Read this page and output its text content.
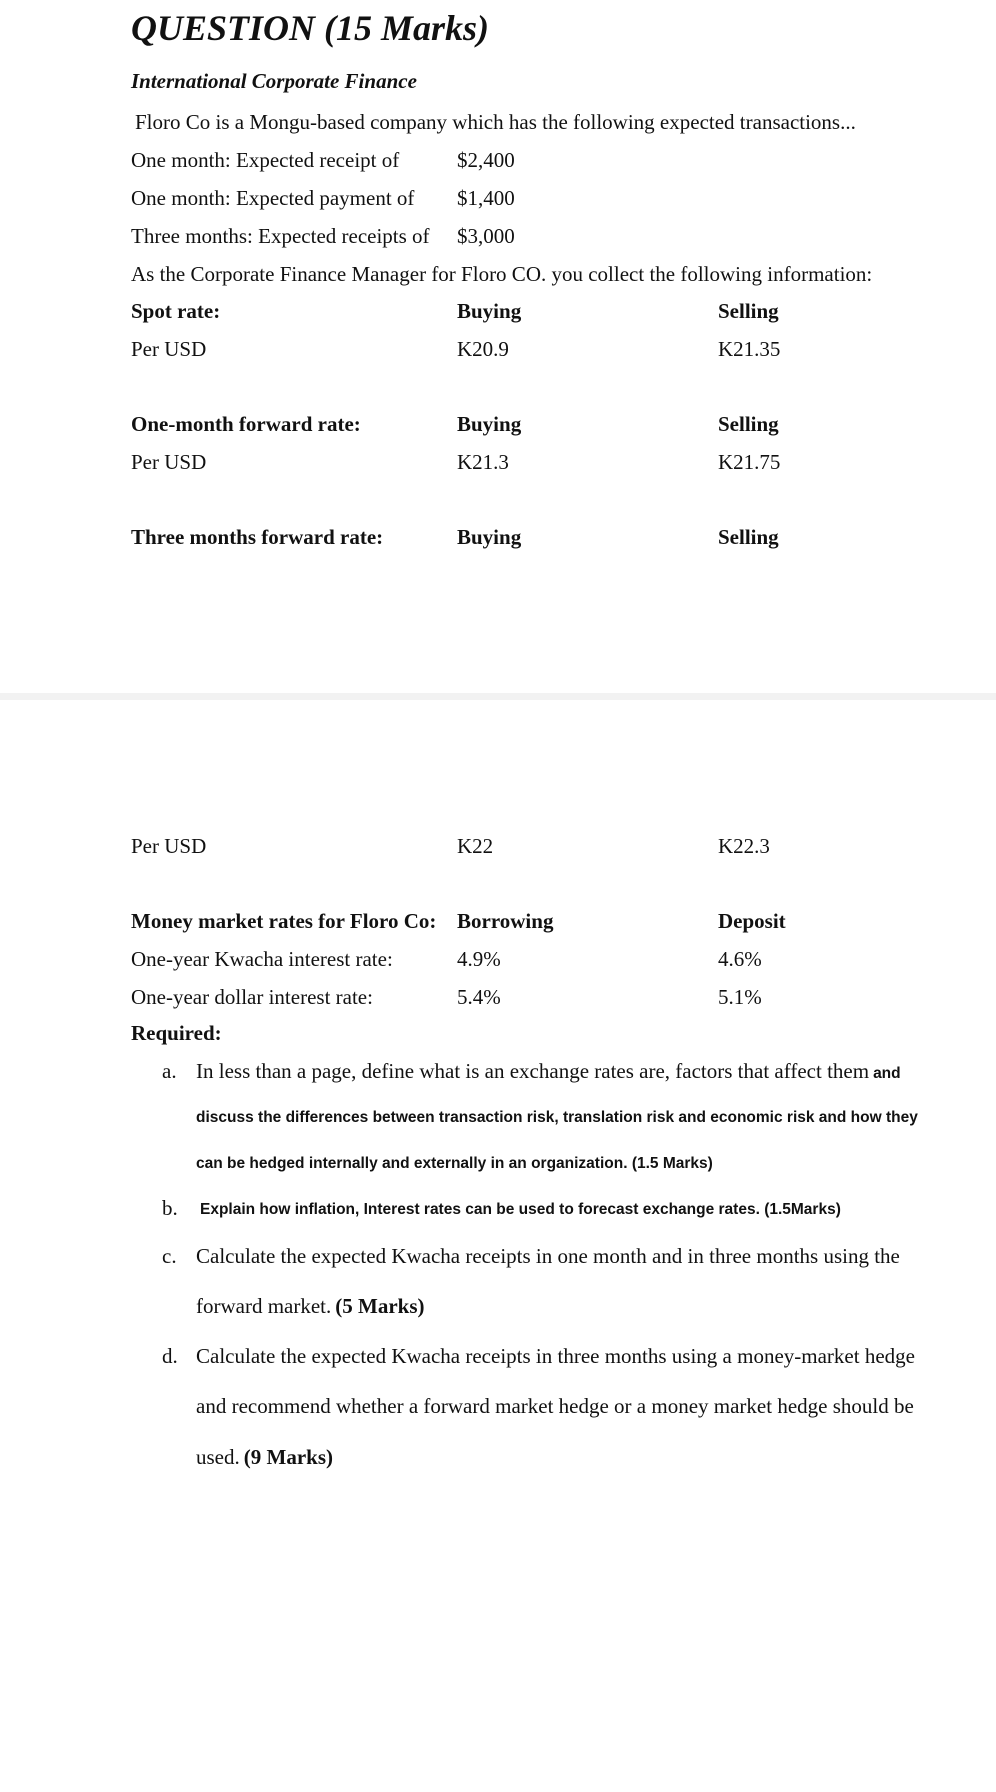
QUESTION (15 Marks)
International Corporate Finance
Floro Co is a Mongu-based company which has the following expected transactions...
One month: Expected receipt of	$2,400
One month: Expected payment of $1,400
Three months: Expected receipts of $3,000
As the Corporate Finance Manager for Floro CO. you collect the following information:
Spot rate:	Buying	Selling
Per USD	K20.9	K21.35
One-month forward rate:	Buying	Selling
Per USD	K21.3	K21.75
Three months forward rate:	Buying	Selling
Per USD	K22	K22.3
Money market rates for Floro Co: Borrowing	Deposit
One-year Kwacha interest rate:	4.9%	4.6%
One-year dollar interest rate:	5.4%	5.1%
Required:
a. In less than a page, define what is an exchange rates are, factors that affect them and
discuss the differences between transaction risk, translation risk and economic risk and how they
can be hedged internally and externally in an organization. (1.5 Marks)
b. Explain how inflation, Interest rates can be used to forecast exchange rates. (1.5Marks)
c. Calculate the expected Kwacha receipts in one month and in three months using the
forward market. (5 Marks)
d. Calculate the expected Kwacha receipts in three months using a money-market hedge
and recommend whether a forward market hedge or a money market hedge should be
used. (9 Marks)
